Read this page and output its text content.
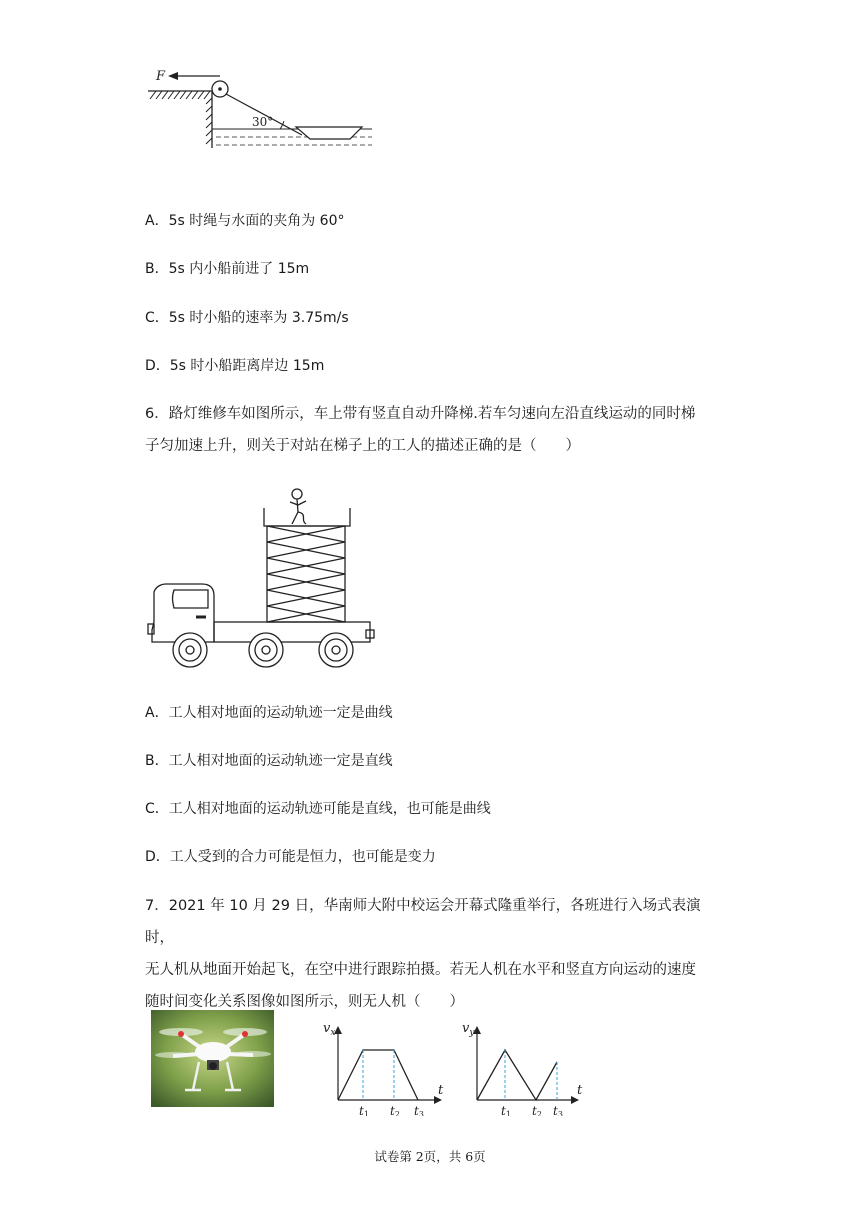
F
30°
A．5s 时绳与水面的夹角为 60°
B．5s 内小船前进了 15m
C．5s 时小船的速率为 3.75m/s
D．5s 时小船距离岸边 15m
6．路灯维修车如图所示，车上带有竖直自动升降梯.若车匀速向左沿直线运动的同时梯
子匀加速上升，则关于对站在梯子上的工人的描述正确的是（　　）
A．工人相对地面的运动轨迹一定是曲线
B．工人相对地面的运动轨迹一定是直线
C．工人相对地面的运动轨迹可能是直线，也可能是曲线
D．工人受到的合力可能是恒力，也可能是变力
7．2021 年 10 月 29 日，华南师大附中校运会开幕式隆重举行，各班进行入场式表演时，
无人机从地面开始起飞，在空中进行跟踪拍摄。若无人机在水平和竖直方向运动的速度
随时间变化关系图像如图所示，则无人机（　　）
$v_x$
t
t1 t2 t3
$v_y$
t
t1 t2 t3
试卷第 2页，共 6页
